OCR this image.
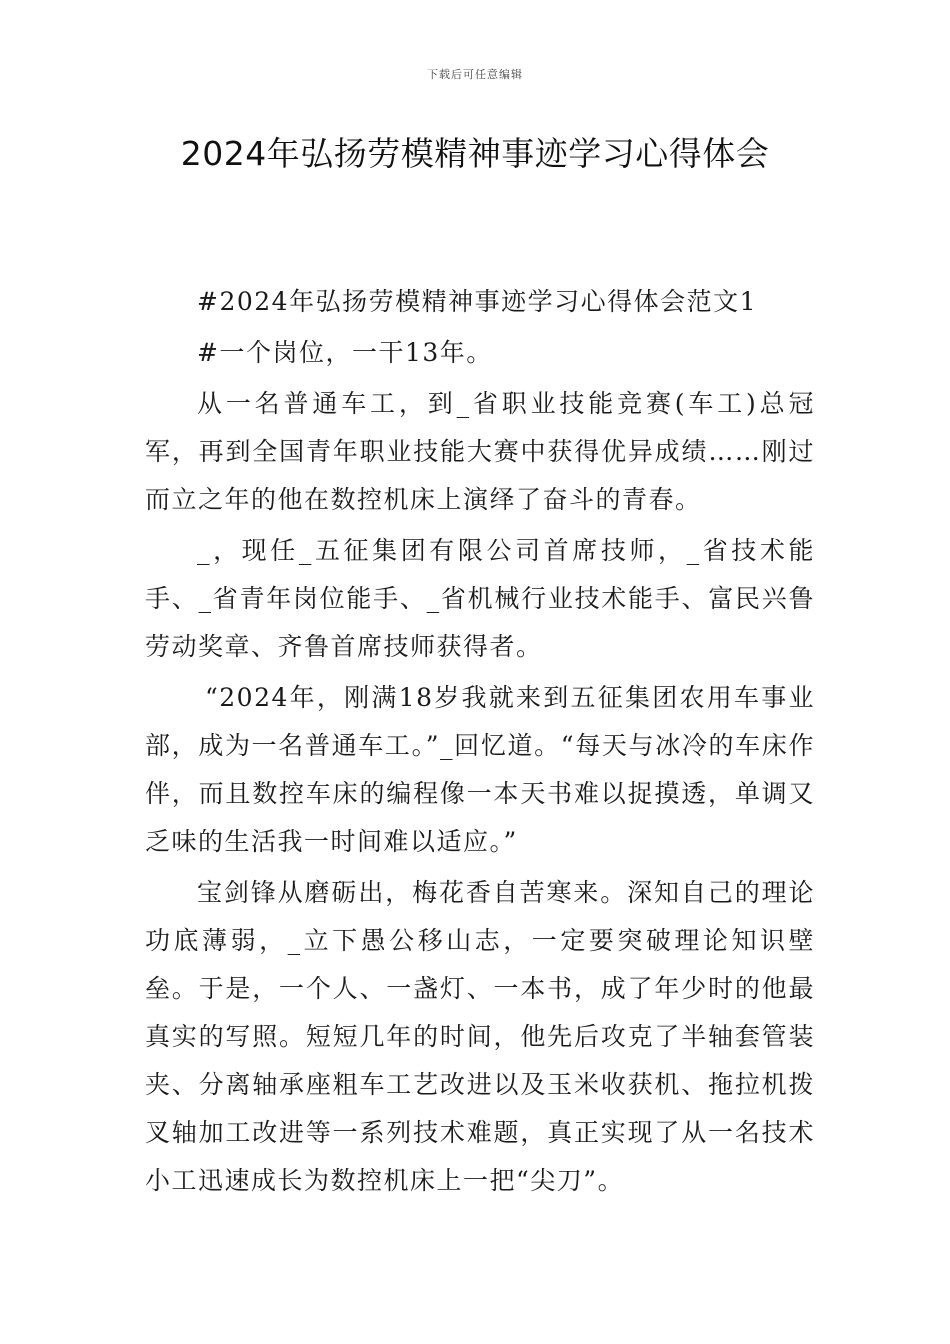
下载后可任意编辑
2024年弘扬劳模精神事迹学习心得体会

#2024年弘扬劳模精神事迹学习心得体会范文1

#一个岗位，一干13年。

从一名普通车工，到_省职业技能竞赛(车工)总冠军，再到全国青年职业技能大赛中获得优异成绩……刚过而立之年的他在数控机床上演绎了奋斗的青春。

_，现任_五征集团有限公司首席技师，_省技术能手、_省青年岗位能手、_省机械行业技术能手、富民兴鲁劳动奖章、齐鲁首席技师获得者。

“2024年，刚满18岁我就来到五征集团农用车事业部，成为一名普通车工。”_回忆道。“每天与冰冷的车床作伴，而且数控车床的编程像一本天书难以捉摸透，单调又乏味的生活我一时间难以适应。”

宝剑锋从磨砺出，梅花香自苦寒来。深知自己的理论功底薄弱，_立下愚公移山志，一定要突破理论知识壁垒。于是，一个人、一盏灯、一本书，成了年少时的他最真实的写照。短短几年的时间，他先后攻克了半轴套管装夹、分离轴承座粗车工艺改进以及玉米收获机、拖拉机拨叉轴加工改进等一系列技术难题，真正实现了从一名技术小工迅速成长为数控机床上一把“尖刀”。
